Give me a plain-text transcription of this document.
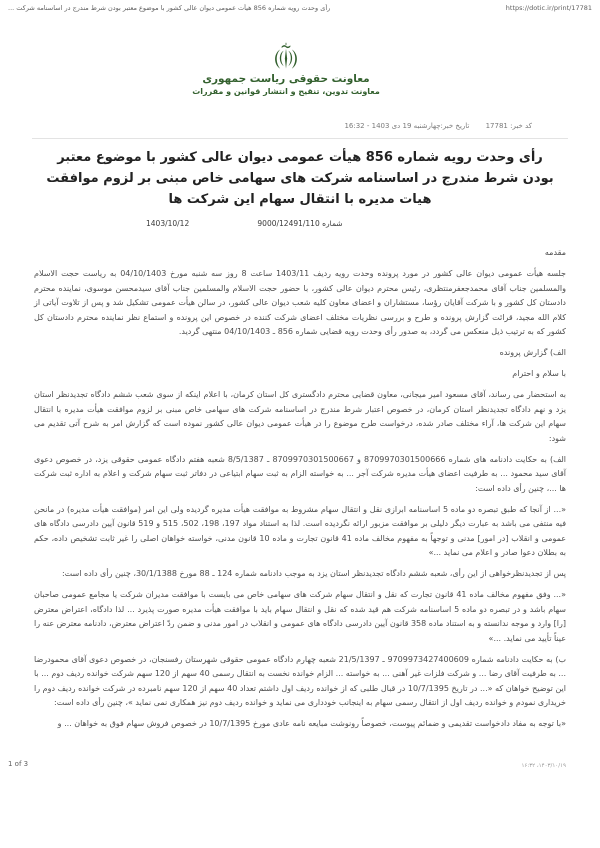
رأی وحدت رویه شماره 856 هیأت عمومی دیوان عالی کشور با موضوع معتبر بودن شرط مندرج در اساسنامه شرکت ...	https://dotic.ir/print/17781
معاونت حقوقی ریاست جمهوری
معاونت تدوین، تنقیح و انتشار قوانین و مقررات
کد خبر: 17781 تاریخ خبر:چهارشنبه 19 دی 1403 - 16:32
رأی وحدت رویه شماره 856 هیأت عمومی دیوان عالی کشور با موضوع معتبر بودن شرط مندرج در اساسنامه شرکت های سهامی خاص مبنی بر لزوم موافقت هیات مدیره با انتقال سهام این شرکت ها
شماره 9000/12491/110
1403/10/12

مقدمه

جلسه هیأت عمومی دیوان عالی کشور در مورد پرونده وحدت رویه ردیف 1403/11 ساعت 8 روز سه شنبه مورخ 04/10/1403 به ریاست حجت الاسلام والمسلمین جناب آقای محمدجعفرمنتظری، رئیس محترم دیوان عالی کشور، با حضور حجت الاسلام والمسلمین جناب آقای سیدمحسن موسوی، نماینده محترم دادستان کل کشور و با شرکت آقایان رؤسا، مستشاران و اعضای معاون کلیه شعب دیوان عالی کشور، در سالن هیأت عمومی تشکیل شد و پس از تلاوت آیاتی از کلام الله مجید، قرائت گزارش پرونده و طرح و بررسی نظریات مختلف اعضای شرکت کننده در خصوص این پرونده و استماع نظر نماینده محترم دادستان کل کشور که به ترتیب ذیل منعکس می گردد، به صدور رأی وحدت رویه قضایی شماره 856 ـ 04/10/1403 منتهی گردید.

الف) گزارش پرونده

با سلام و احترام

به استحضار می رساند، آقای مسعود امیر میجانی، معاون قضایی محترم دادگستری کل استان کرمان، با اعلام اینکه از سوی شعب ششم دادگاه تجدیدنظر استان یزد و نهم دادگاه تجدیدنظر استان کرمان، در خصوص اعتبار شرط مندرج در اساسنامه شرکت های سهامی خاص مبنی بر لزوم موافقت هیأت مدیره با انتقال سهام این شرکت ها، آراء مختلف صادر شده، درخواست طرح موضوع را در هیأت عمومی دیوان عالی کشور نموده است که گزارش امر به شرح آتی تقدیم می شود:

الف) به حکایت دادنامه های شماره 8709970301500666 و 8709970301500667 ـ 8/5/1387 شعبه هفتم دادگاه عمومی حقوقی یزد، در خصوص دعوی آقای سید محمود ... به طرفیت اعضای هیأت مدیره شرکت آجر ... به خواسته الزام به ثبت سهام ابتیاعی در دفاتر ثبت سهام شرکت و اعلام به اداره ثبت شرکت ها ...، چنین رأی داده است:

«... از آنجا که طبق تبصره دو ماده 5 اساسنامه ابرازی نقل و انتقال سهام مشروط به موافقت هیأت مدیره گردیده ولی این امر (موافقت هیأت مدیره) در مانحن فیه منتفی می باشد به عبارت دیگر دلیلی بر موافقت مزبور ارائه نگردیده است. لذا به استناد مواد 197، 198، 502، 515 و 519 قانون آیین دادرسی دادگاه های عمومی و انقلاب [در امور] مدنی و توجهاً به مفهوم مخالف ماده 41 قانون تجارت و ماده 10 قانون مدنی، خواسته خواهان اصلی را غیر ثابت تشخیص داده، حکم به بطلان دعوا صادر و اعلام می نماید ...»

پس از تجدیدنظرخواهی از این رأی، شعبه ششم دادگاه تجدیدنظر استان یزد به موجب دادنامه شماره 124 ـ 88 مورخ 30/1/1388، چنین رأی داده است:

«... وفق مفهوم مخالف ماده 41 قانون تجارت که نقل و انتقال سهام شرکت های سهامی خاص می بایست با موافقت مدیران شرکت یا مجامع عمومی صاحبان سهام باشد و در تبصره دو ماده 5 اساسنامه شرکت هم قید شده که نقل و انتقال سهام باید با موافقت هیأت مدیره صورت پذیرد ... لذا دادگاه، اعتراض معترض [را] وارد و موجه ندانسته و به استناد ماده 358 قانون آیین دادرسی دادگاه های عمومی و انقلاب در امور مدنی و ضمن ردّ اعتراض معترض، دادنامه معترض عنه را عیناً تأیید می نماید. ...»

ب) به حکایت دادنامه شماره 9709973427400609 ـ 21/5/1397 شعبه چهارم دادگاه عمومی حقوقی شهرستان رفسنجان، در خصوص دعوی آقای محمودرضا ... به طرفیت آقای رضا ... و شرکت فلزات غیر آهنی ... به خواسته ... الزام خوانده نخست به انتقال رسمی 40 سهم از 120 سهم شرکت خوانده ردیف دوم ... با این توضیح خواهان که «... در تاریخ 10/7/1395 در قبال طلبی که از خوانده ردیف اول داشتم تعداد 40 سهم از 120 سهم نامبرده در شرکت خوانده ردیف دوم را خریداری نمودم و خوانده ردیف اول از انتقال رسمی سهام به اینجانب خودداری می نماید و خوانده ردیف دوم نیز همکاری نمی نماید »، چنین رأی داده است:

«با توجه به مفاد دادخواست تقدیمی و ضمائم پیوست، خصوصاً رونوشت مبایعه نامه عادی مورخ 10/7/1395 در خصوص فروش سهام فوق به خواهان ... و

1 of 3	۱۴۰۳/۱۰/۱۹، ۱۶:۳۲
